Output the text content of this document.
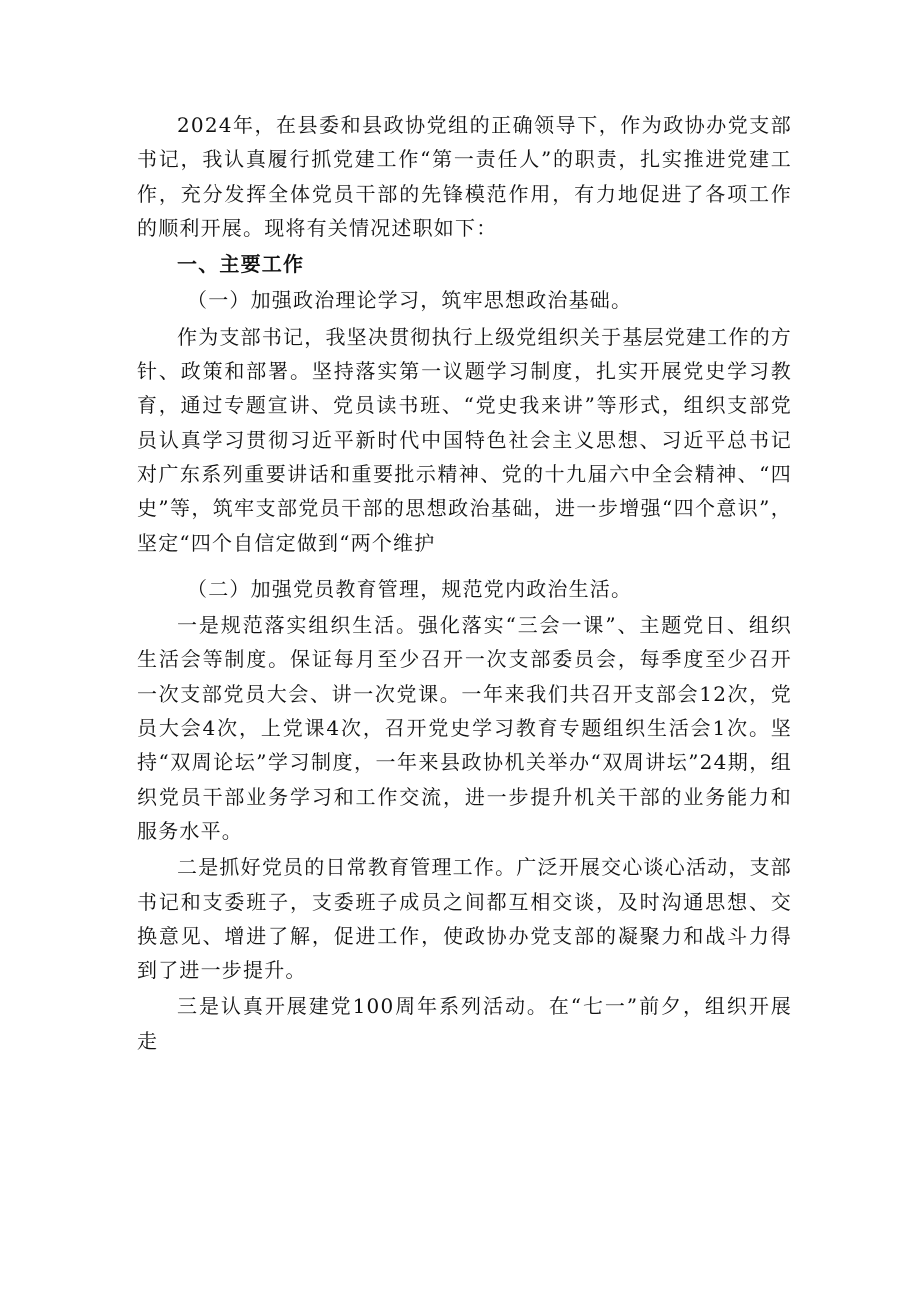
2024年，在县委和县政协党组的正确领导下，作为政协办党支部书记，我认真履行抓党建工作“第一责任人”的职责，扎实推进党建工作，充分发挥全体党员干部的先锋模范作用，有力地促进了各项工作的顺利开展。现将有关情况述职如下：

一、主要工作

（一）加强政治理论学习，筑牢思想政治基础。

作为支部书记，我坚决贯彻执行上级党组织关于基层党建工作的方针、政策和部署。坚持落实第一议题学习制度，扎实开展党史学习教育，通过专题宣讲、党员读书班、“党史我来讲”等形式，组织支部党员认真学习贯彻习近平新时代中国特色社会主义思想、习近平总书记对广东系列重要讲话和重要批示精神、党的十九届六中全会精神、“四史”等，筑牢支部党员干部的思想政治基础，进一步增强“四个意识”，坚定“四个自信定做到“两个维护

（二）加强党员教育管理，规范党内政治生活。

一是规范落实组织生活。强化落实“三会一课”、主题党日、组织生活会等制度。保证每月至少召开一次支部委员会，每季度至少召开一次支部党员大会、讲一次党课。一年来我们共召开支部会12次，党员大会4次，上党课4次，召开党史学习教育专题组织生活会1次。坚持“双周论坛”学习制度，一年来县政协机关举办“双周讲坛”24期，组织党员干部业务学习和工作交流，进一步提升机关干部的业务能力和服务水平。

二是抓好党员的日常教育管理工作。广泛开展交心谈心活动，支部书记和支委班子，支委班子成员之间都互相交谈，及时沟通思想、交换意见、增进了解，促进工作，使政协办党支部的凝聚力和战斗力得到了进一步提升。

三是认真开展建党100周年系列活动。在“七一”前夕，组织开展走
